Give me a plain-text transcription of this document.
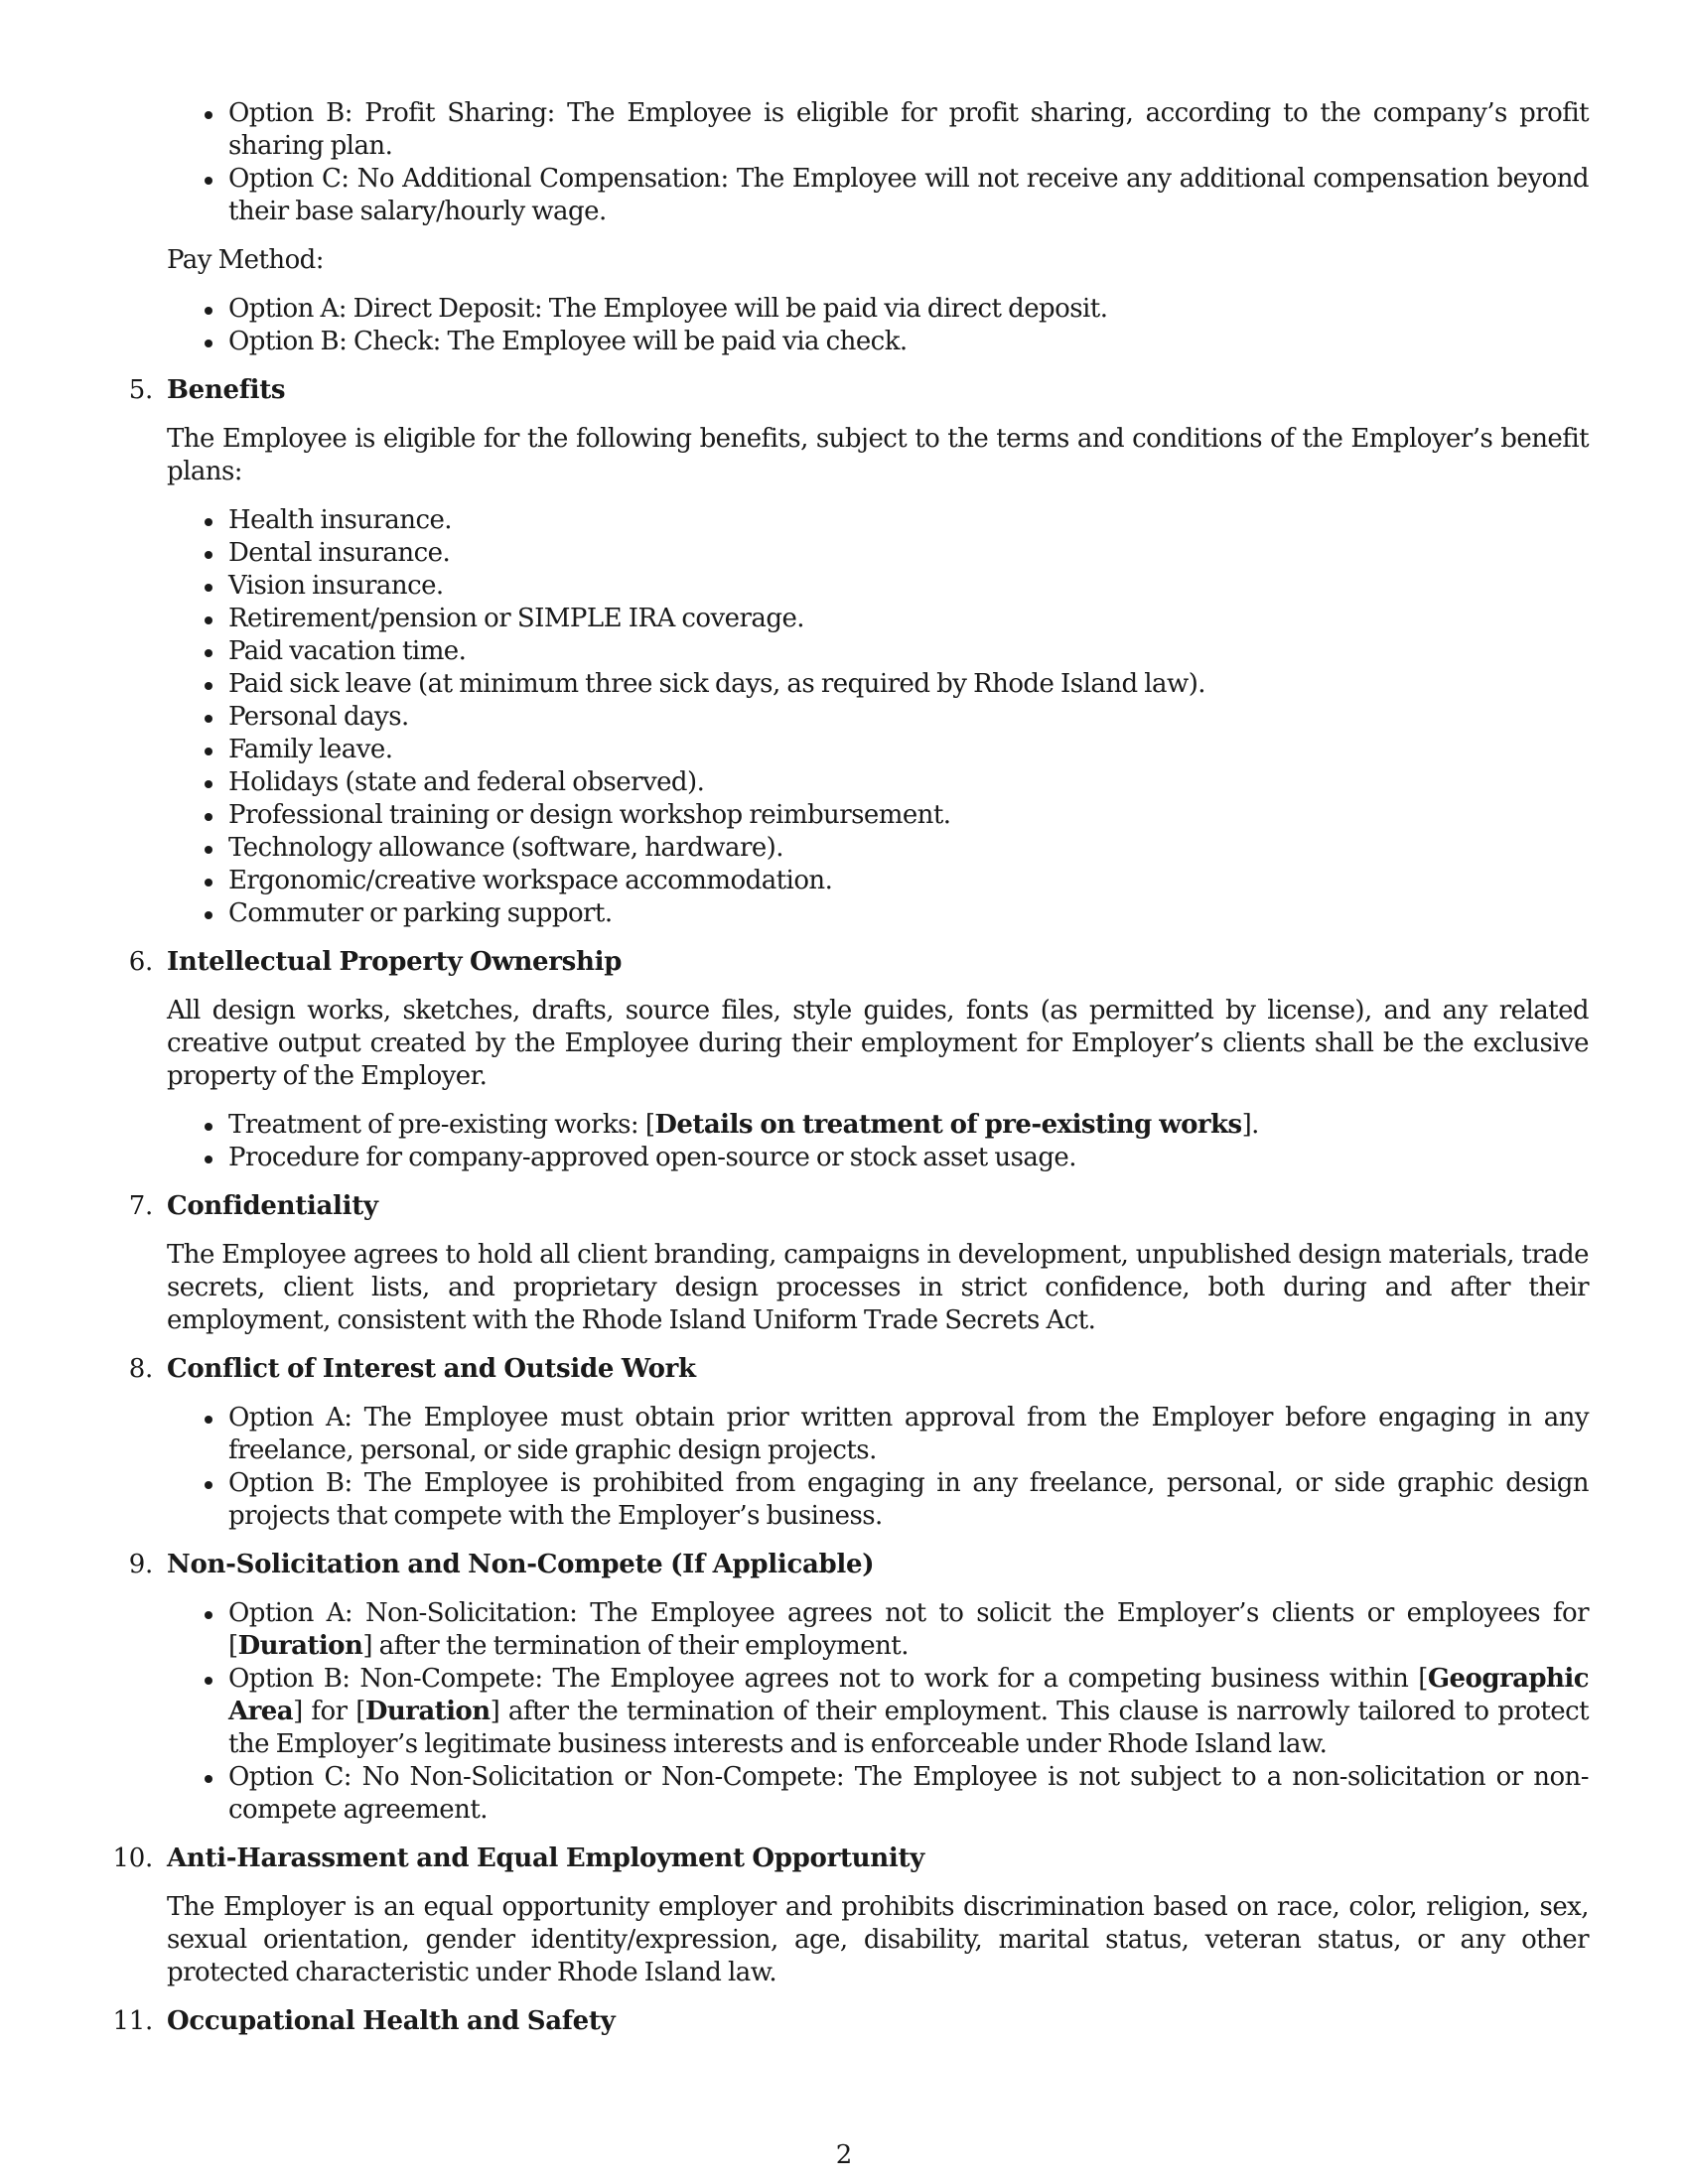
Option B: Profit Sharing: The Employee is eligible for profit sharing, according to the company’s profit sharing plan.
Option C: No Additional Compensation: The Employee will not receive any additional compensation beyond their base salary/hourly wage.

Pay Method:

Option A: Direct Deposit: The Employee will be paid via direct deposit.
Option B: Check: The Employee will be paid via check.
5. Benefits

The Employee is eligible for the following benefits, subject to the terms and conditions of the Employer’s benefit plans:

Health insurance.
Dental insurance.
Vision insurance.
Retirement/pension or SIMPLE IRA coverage.
Paid vacation time.
Paid sick leave (at minimum three sick days, as required by Rhode Island law).
Personal days.
Family leave.
Holidays (state and federal observed).
Professional training or design workshop reimbursement.
Technology allowance (software, hardware).
Ergonomic/creative workspace accommodation.
Commuter or parking support.
6. Intellectual Property Ownership

All design works, sketches, drafts, source files, style guides, fonts (as permitted by license), and any related creative output created by the Employee during their employment for Employer’s clients shall be the exclusive property of the Employer.

Treatment of pre-existing works: [Details on treatment of pre-existing works].
Procedure for company-approved open-source or stock asset usage.
7. Confidentiality

The Employee agrees to hold all client branding, campaigns in development, unpublished design materials, trade secrets, client lists, and proprietary design processes in strict confidence, both during and after their employment, consistent with the Rhode Island Uniform Trade Secrets Act.

8. Conflict of Interest and Outside Work
Option A: The Employee must obtain prior written approval from the Employer before engaging in any freelance, personal, or side graphic design projects.
Option B: The Employee is prohibited from engaging in any freelance, personal, or side graphic design projects that compete with the Employer’s business.
9. Non-Solicitation and Non-Compete (If Applicable)
Option A: Non-Solicitation: The Employee agrees not to solicit the Employer’s clients or employees for [Duration] after the termination of their employment.
Option B: Non-Compete: The Employee agrees not to work for a competing business within [Geographic Area] for [Duration] after the termination of their employment. This clause is narrowly tailored to protect the Employer’s legitimate business interests and is enforceable under Rhode Island law.
Option C: No Non-Solicitation or Non-Compete: The Employee is not subject to a non-solicitation or non-compete agreement.
10. Anti-Harassment and Equal Employment Opportunity

The Employer is an equal opportunity employer and prohibits discrimination based on race, color, religion, sex, sexual orientation, gender identity/expression, age, disability, marital status, veteran status, or any other protected characteristic under Rhode Island law.

11. Occupational Health and Safety
2
